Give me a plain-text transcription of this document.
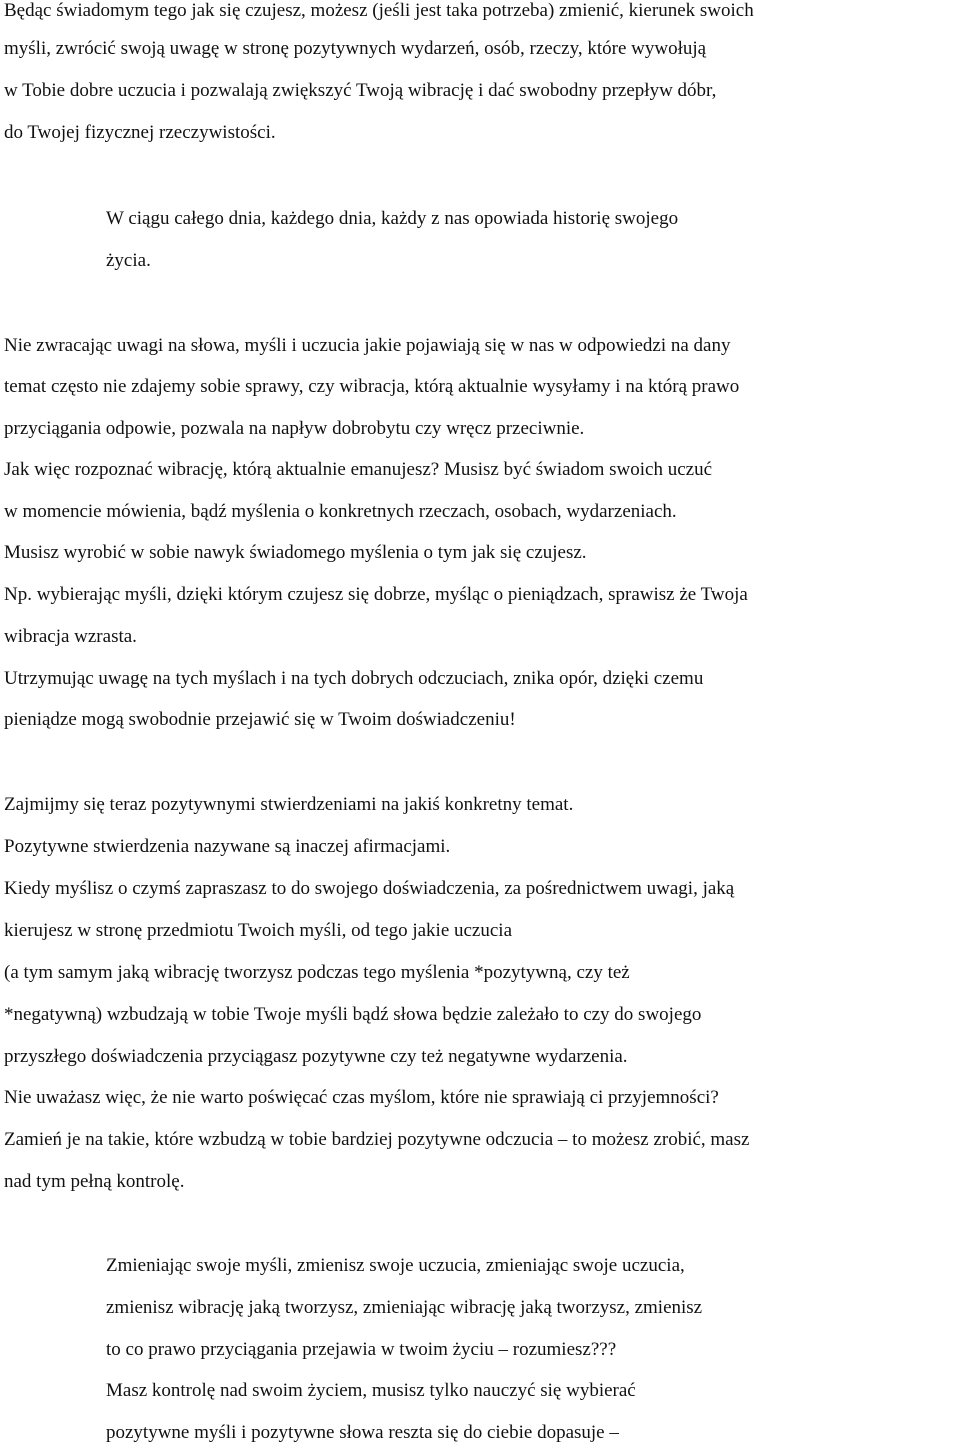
Będąc świadomym tego jak się czujesz, możesz (jeśli jest taka potrzeba) zmienić, kierunek swoich

myśli, zwrócić swoją uwagę w stronę pozytywnych wydarzeń, osób, rzeczy, które wywołują

w Tobie dobre uczucia i pozwalają zwiększyć Twoją wibrację i dać swobodny przepływ dóbr,

do Twojej fizycznej rzeczywistości.

W ciągu całego dnia, każdego dnia, każdy z nas opowiada historię swojego

życia.

Nie zwracając uwagi na słowa, myśli i uczucia jakie pojawiają się w nas w odpowiedzi na dany

temat często nie zdajemy sobie sprawy, czy wibracja, którą aktualnie wysyłamy i na którą prawo

przyciągania odpowie, pozwala na napływ dobrobytu czy wręcz przeciwnie.

Jak więc rozpoznać wibrację, którą aktualnie emanujesz? Musisz być świadom swoich uczuć

w momencie mówienia, bądź myślenia o konkretnych rzeczach, osobach, wydarzeniach.

Musisz wyrobić w sobie nawyk świadomego myślenia o tym jak się czujesz.

Np. wybierając myśli, dzięki którym czujesz się dobrze, myśląc o pieniądzach, sprawisz że Twoja

wibracja wzrasta.

Utrzymując uwagę na tych myślach i na tych dobrych odczuciach, znika opór, dzięki czemu

pieniądze mogą swobodnie przejawić się w Twoim doświadczeniu!

Zajmijmy się teraz pozytywnymi stwierdzeniami na jakiś konkretny temat.

Pozytywne stwierdzenia nazywane są inaczej afirmacjami.

Kiedy myślisz o czymś zapraszasz to do swojego doświadczenia, za pośrednictwem uwagi, jaką

kierujesz w stronę przedmiotu Twoich myśli, od tego jakie uczucia

(a tym samym jaką wibrację tworzysz podczas tego myślenia *pozytywną, czy też

*negatywną) wzbudzają w tobie Twoje myśli bądź słowa będzie zależało to czy do swojego

przyszłego doświadczenia przyciągasz pozytywne czy też negatywne wydarzenia.

Nie uważasz więc, że nie warto poświęcać czas myślom, które nie sprawiają ci przyjemności?

Zamień je na takie, które wzbudzą w tobie bardziej pozytywne odczucia – to możesz zrobić, masz

nad tym pełną kontrolę.

Zmieniając swoje myśli, zmienisz swoje uczucia, zmieniając swoje uczucia,

zmienisz wibrację jaką tworzysz, zmieniając wibrację jaką tworzysz, zmienisz

to co prawo przyciągania przejawia w twoim życiu – rozumiesz???

Masz kontrolę nad swoim życiem, musisz tylko nauczyć się wybierać

pozytywne myśli i pozytywne słowa reszta się do ciebie dopasuje –
